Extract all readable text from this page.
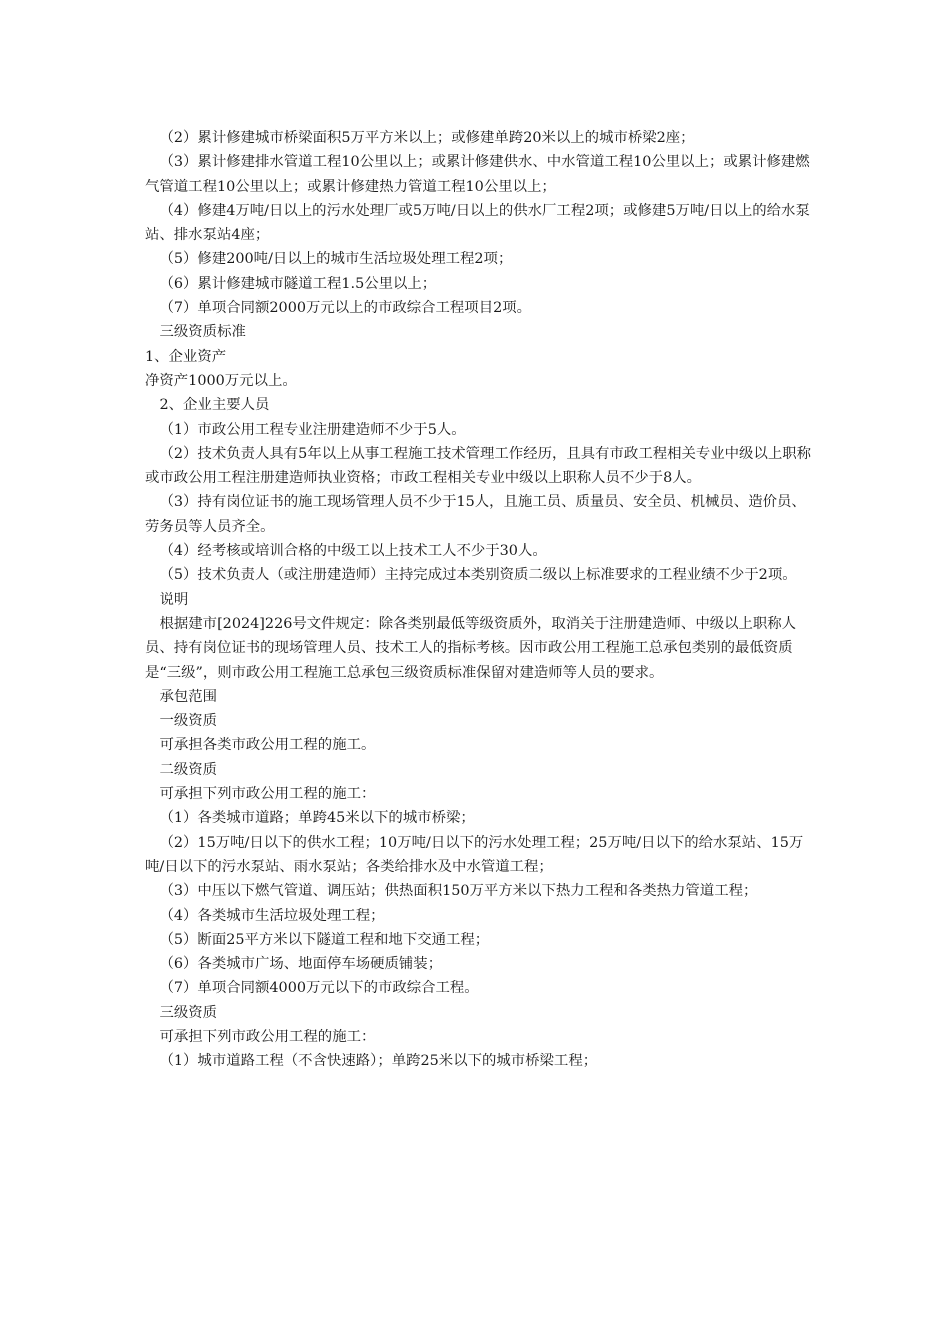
（2）累计修建城市桥梁面积5万平方米以上；或修建单跨20米以上的城市桥梁2座；

（3）累计修建排水管道工程10公里以上；或累计修建供水、中水管道工程10公里以上；或累计修建燃气管道工程10公里以上；或累计修建热力管道工程10公里以上；

（4）修建4万吨/日以上的污水处理厂或5万吨/日以上的供水厂工程2项；或修建5万吨/日以上的给水泵站、排水泵站4座；

（5）修建200吨/日以上的城市生活垃圾处理工程2项；

（6）累计修建城市隧道工程1.5公里以上；

（7）单项合同额2000万元以上的市政综合工程项目2项。

三级资质标准

1、企业资产

净资产1000万元以上。

2、企业主要人员

（1）市政公用工程专业注册建造师不少于5人。

（2）技术负责人具有5年以上从事工程施工技术管理工作经历，且具有市政工程相关专业中级以上职称或市政公用工程注册建造师执业资格；市政工程相关专业中级以上职称人员不少于8人。

（3）持有岗位证书的施工现场管理人员不少于15人，且施工员、质量员、安全员、机械员、造价员、劳务员等人员齐全。

（4）经考核或培训合格的中级工以上技术工人不少于30人。

（5）技术负责人（或注册建造师）主持完成过本类别资质二级以上标准要求的工程业绩不少于2项。

说明

根据建市[2024]226号文件规定：除各类别最低等级资质外，取消关于注册建造师、中级以上职称人员、持有岗位证书的现场管理人员、技术工人的指标考核。因市政公用工程施工总承包类别的最低资质是“三级”，则市政公用工程施工总承包三级资质标准保留对建造师等人员的要求。

承包范围

一级资质

可承担各类市政公用工程的施工。

二级资质

可承担下列市政公用工程的施工：

（1）各类城市道路；单跨45米以下的城市桥梁；

（2）15万吨/日以下的供水工程；10万吨/日以下的污水处理工程；25万吨/日以下的给水泵站、15万吨/日以下的污水泵站、雨水泵站；各类给排水及中水管道工程；

（3）中压以下燃气管道、调压站；供热面积150万平方米以下热力工程和各类热力管道工程；

（4）各类城市生活垃圾处理工程；

（5）断面25平方米以下隧道工程和地下交通工程；

（6）各类城市广场、地面停车场硬质铺装；

（7）单项合同额4000万元以下的市政综合工程。

三级资质

可承担下列市政公用工程的施工：

（1）城市道路工程（不含快速路）；单跨25米以下的城市桥梁工程；
